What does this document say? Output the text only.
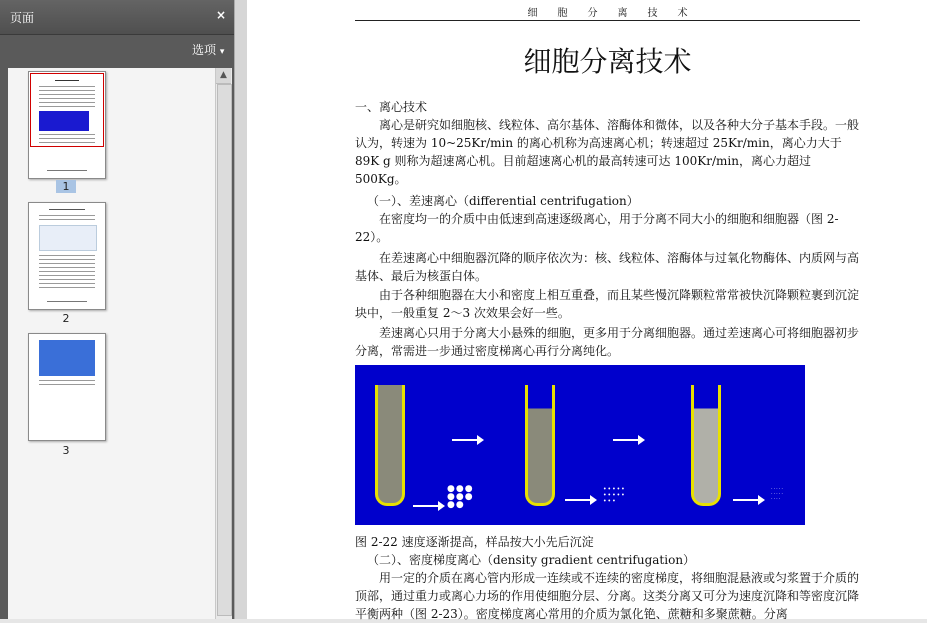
页面	×
选项 ▾
1
2
3
▲
细　　胞　　分　　离　　技　　术
细胞分离技术
一、离心技术
离心是研究如细胞核、线粒体、高尔基体、溶酶体和微体，以及各种大分子基本手段。一般认为，转速为 10~25Kr/min 的离心机称为高速离心机；转速超过 25Kr/min，离心力大于 89K g 则称为超速离心机。目前超速离心机的最高转速可达 100Kr/min，离心力超过 500Kg。
（一）、差速离心（differential centrifugation）
在密度均一的介质中由低速到高速逐级离心，用于分离不同大小的细胞和细胞器（图 2-22）。
在差速离心中细胞器沉降的顺序依次为：核、线粒体、溶酶体与过氧化物酶体、内质网与高基体、最后为核蛋白体。
由于各种细胞器在大小和密度上相互重叠，而且某些慢沉降颗粒常常被快沉降颗粒裹到沉淀块中，一般重复 2～3 次效果会好一些。
差速离心只用于分离大小悬殊的细胞，更多用于分离细胞器。通过差速离心可将细胞器初步分离，常需进一步通过密度梯离心再行分离纯化。
●●●
●●●
●●
•••••
•••••
•••
·····
·····
····
图 2-22 速度逐渐提高，样品按大小先后沉淀
（二）、密度梯度离心（density gradient centrifugation）
用一定的介质在离心管内形成一连续或不连续的密度梯度，将细胞混悬液或匀浆置于介质的顶部，通过重力或离心力场的作用使细胞分层、分离。这类分离又可分为速度沉降和等密度沉降平衡两种（图 2-23）。密度梯度离心常用的介质为氯化铯、蔗糖和多聚蔗糖。分离
